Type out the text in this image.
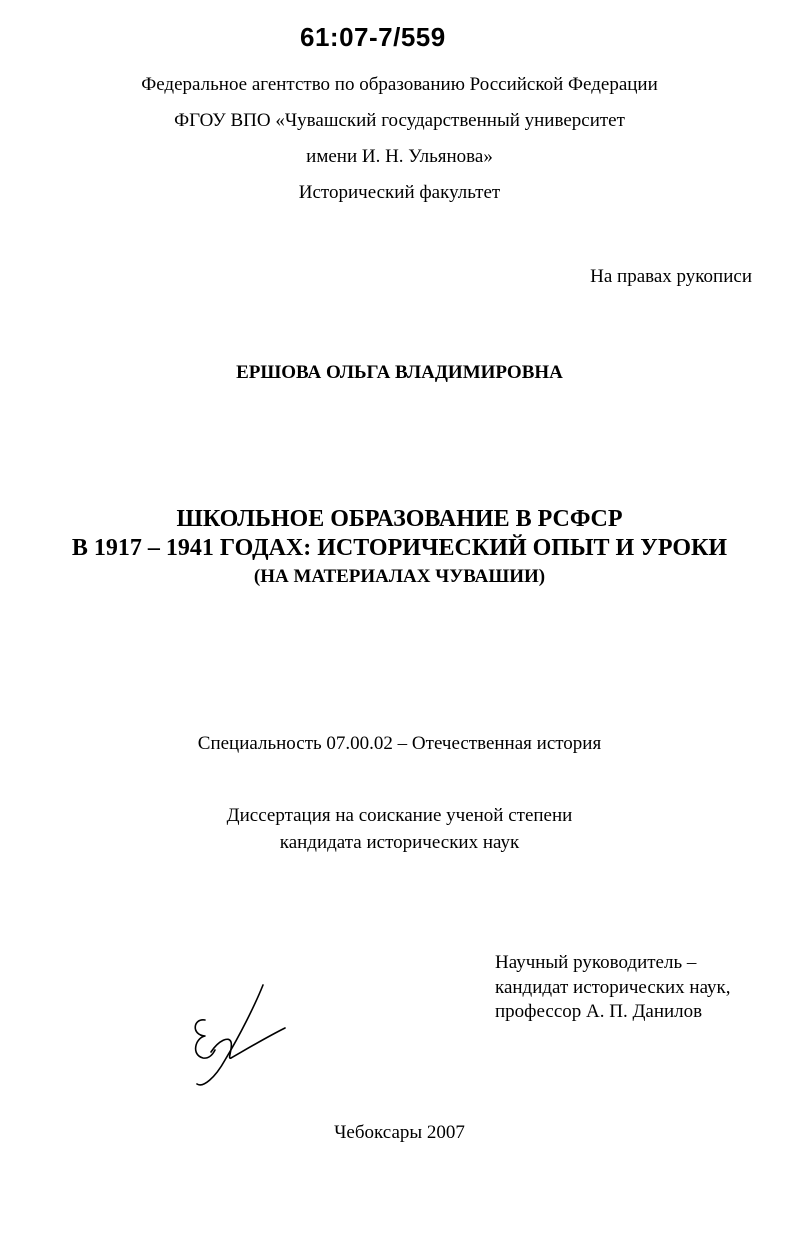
61:07-7/559
Федеральное агентство по образованию Российской Федерации
ФГОУ ВПО «Чувашский государственный университет
имени И. Н. Ульянова»
Исторический факультет
На правах рукописи
ЕРШОВА ОЛЬГА ВЛАДИМИРОВНА
ШКОЛЬНОЕ ОБРАЗОВАНИЕ В РСФСР
В 1917 – 1941 ГОДАХ: ИСТОРИЧЕСКИЙ ОПЫТ И УРОКИ
(НА МАТЕРИАЛАХ ЧУВАШИИ)
Специальность 07.00.02 – Отечественная история
Диссертация на соискание ученой степени
кандидата исторических наук
Научный руководитель –
кандидат исторических наук,
профессор А. П. Данилов
Чебоксары 2007
